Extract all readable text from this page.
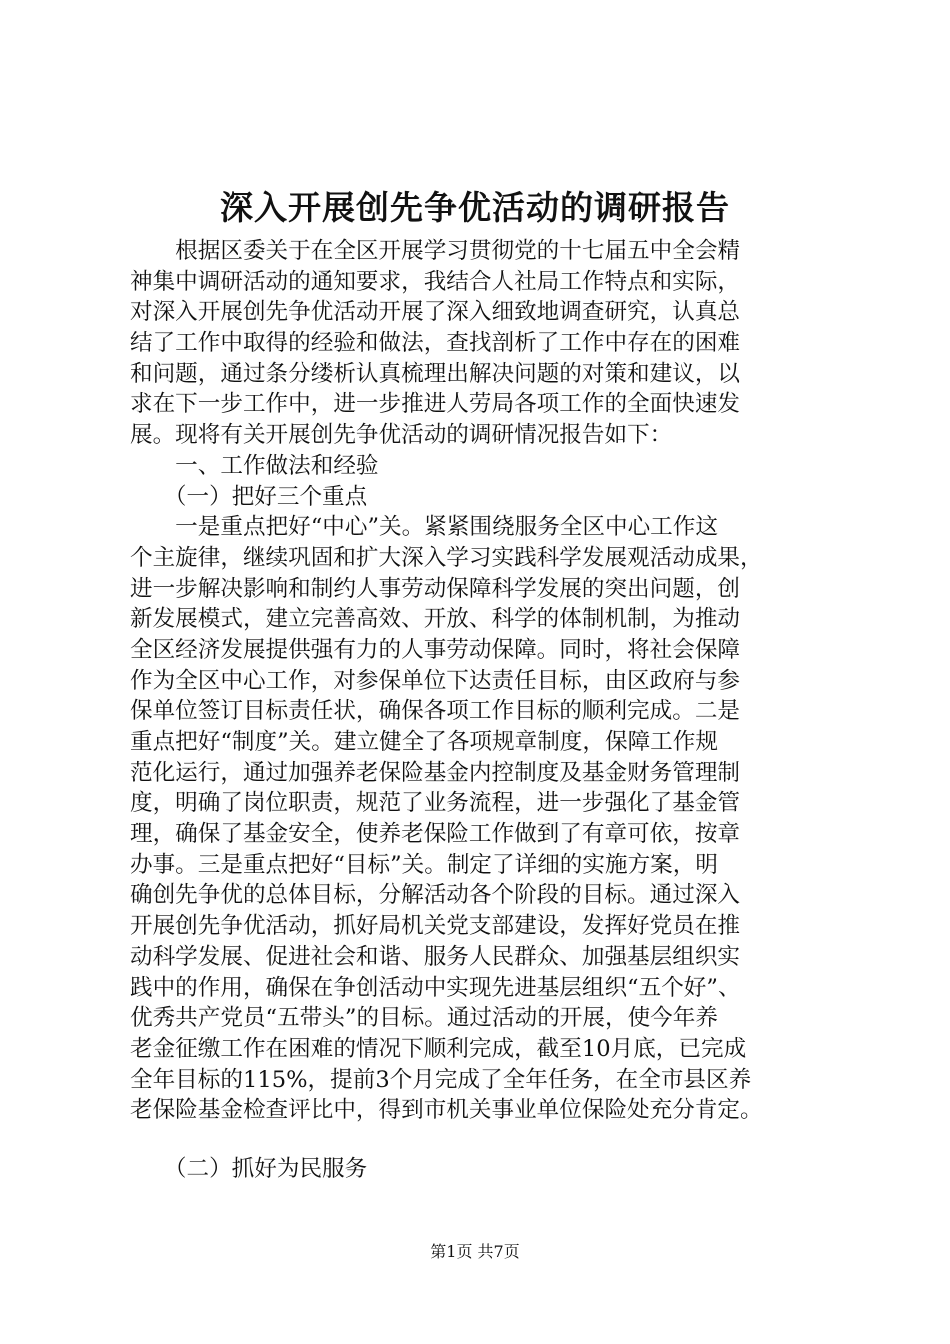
深入开展创先争优活动的调研报告
　　根据区委关于在全区开展学习贯彻党的十七届五中全会精
神集中调研活动的通知要求，我结合人社局工作特点和实际，
对深入开展创先争优活动开展了深入细致地调查研究，认真总
结了工作中取得的经验和做法，查找剖析了工作中存在的困难
和问题，通过条分缕析认真梳理出解决问题的对策和建议，以
求在下一步工作中，进一步推进人劳局各项工作的全面快速发
展。现将有关开展创先争优活动的调研情况报告如下：
　　一、工作做法和经验
　　（一）把好三个重点
　　一是重点把好“中心”关。紧紧围绕服务全区中心工作这
个主旋律，继续巩固和扩大深入学习实践科学发展观活动成果，
进一步解决影响和制约人事劳动保障科学发展的突出问题，创
新发展模式，建立完善高效、开放、科学的体制机制，为推动
全区经济发展提供强有力的人事劳动保障。同时，将社会保障
作为全区中心工作，对参保单位下达责任目标，由区政府与参
保单位签订目标责任状，确保各项工作目标的顺利完成。二是
重点把好“制度”关。建立健全了各项规章制度，保障工作规
范化运行，通过加强养老保险基金内控制度及基金财务管理制
度，明确了岗位职责，规范了业务流程，进一步强化了基金管
理，确保了基金安全，使养老保险工作做到了有章可依，按章
办事。三是重点把好“目标”关。制定了详细的实施方案，明
确创先争优的总体目标，分解活动各个阶段的目标。通过深入
开展创先争优活动，抓好局机关党支部建设，发挥好党员在推
动科学发展、促进社会和谐、服务人民群众、加强基层组织实
践中的作用，确保在争创活动中实现先进基层组织“五个好”、
优秀共产党员“五带头”的目标。通过活动的开展，使今年养
老金征缴工作在困难的情况下顺利完成，截至10月底，已完成
全年目标的115%，提前3个月完成了全年任务，在全市县区养
老保险基金检查评比中，得到市机关事业单位保险处充分肯定。
　　（二）抓好为民服务
第1页 共7页
